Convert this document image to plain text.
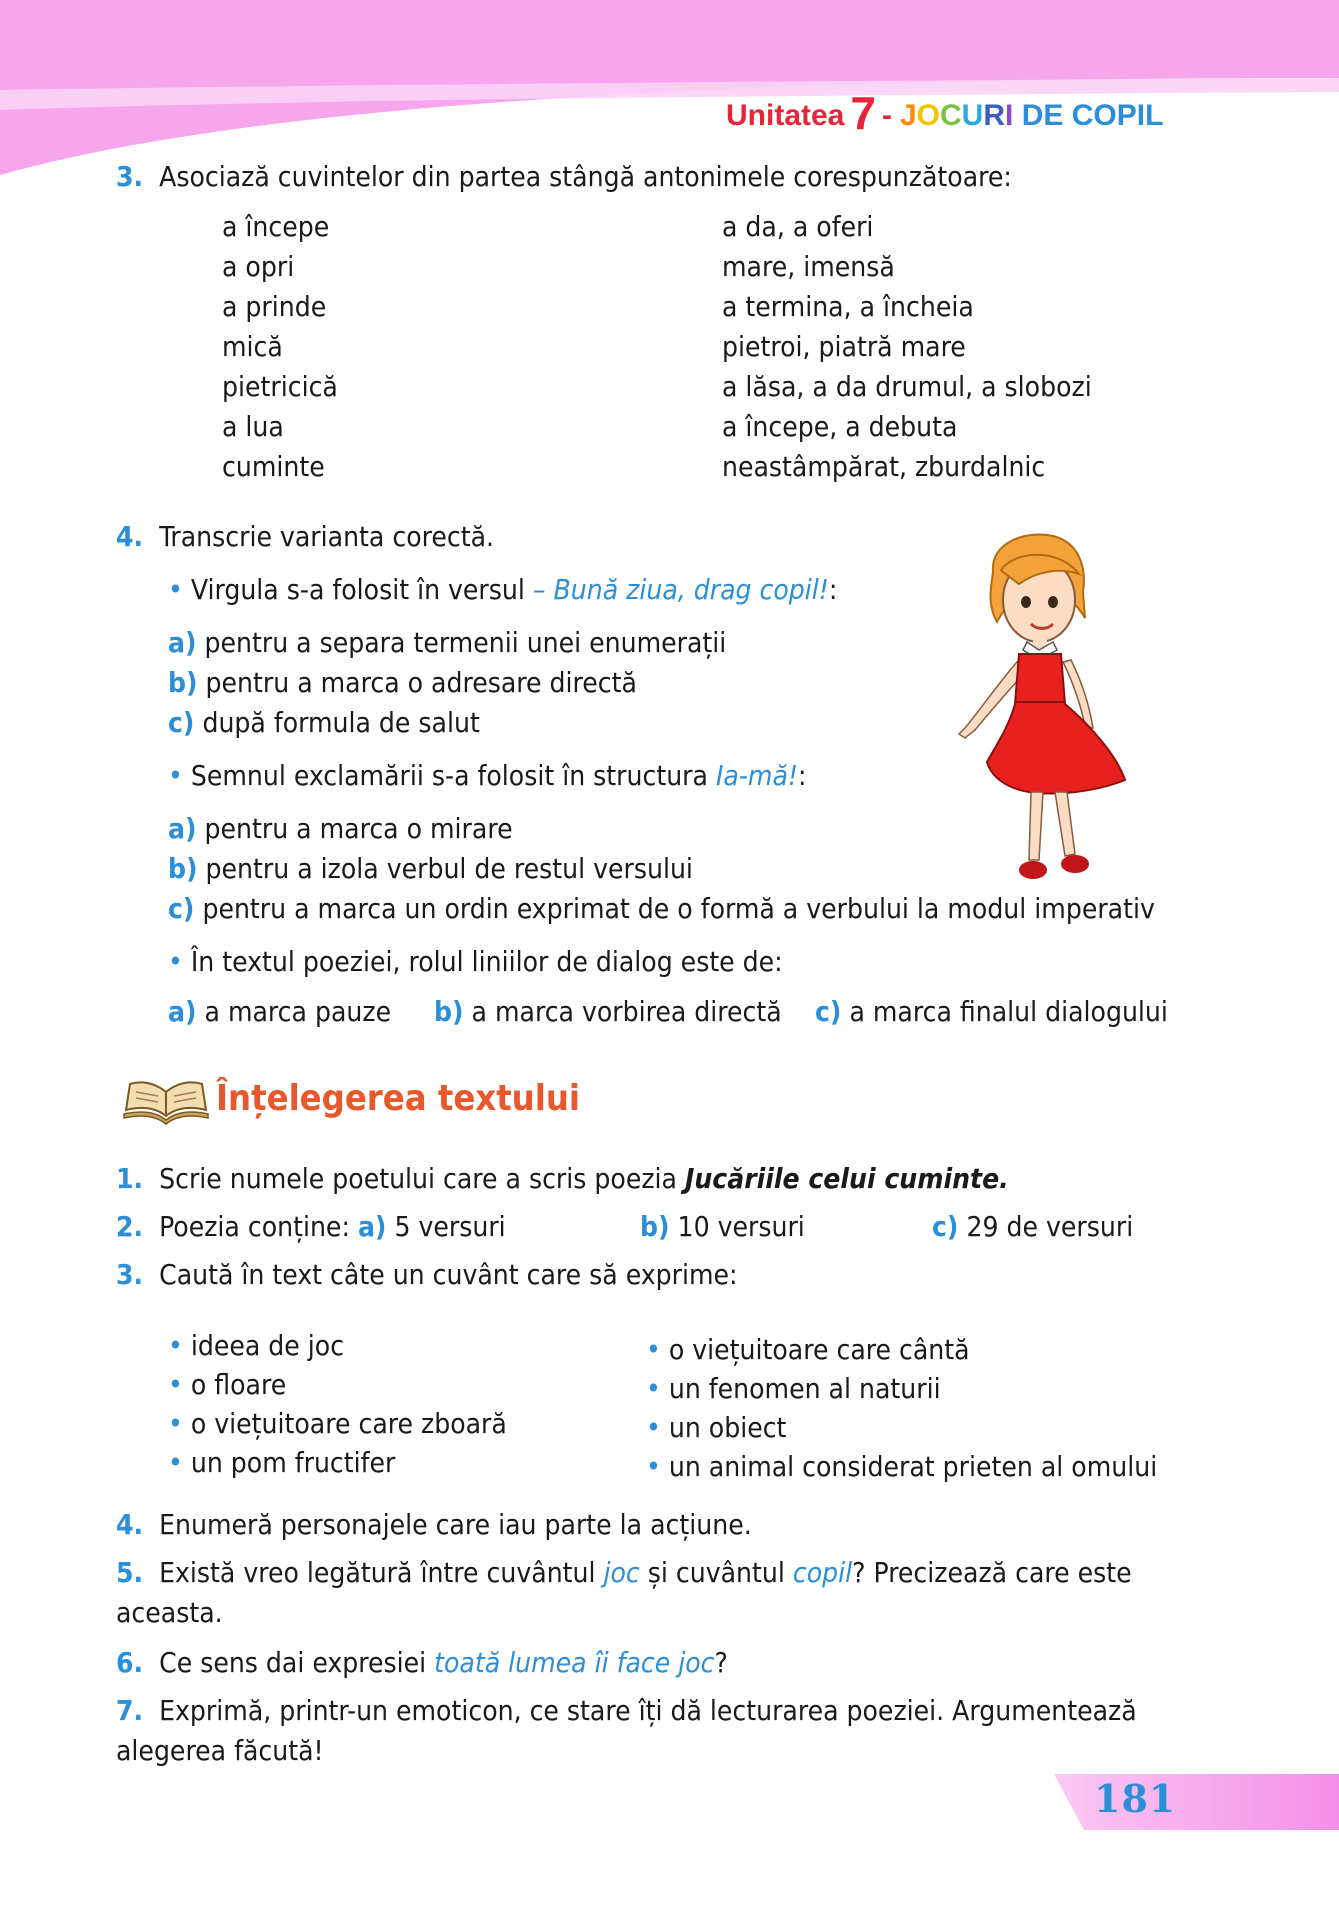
Unitatea 7 - JOCURI DE COPIL
3. Asociază cuvintelor din partea stângă antonimele corespunzătoare:
a începe
a opri
a prinde
mică
pietricică
a lua
cuminte
a da, a oferi
mare, imensă
a termina, a încheia
pietroi, piatră mare
a lăsa, a da drumul, a slobozi
a începe, a debuta
neastâmpărat, zburdalnic
4. Transcrie varianta corectă.
• Virgula s-a folosit în versul – Bună ziua, drag copil!:
a) pentru a separa termenii unei enumerații
b) pentru a marca o adresare directă
c) după formula de salut
• Semnul exclamării s-a folosit în structura Ia-mă!:
a) pentru a marca o mirare
b) pentru a izola verbul de restul versului
c) pentru a marca un ordin exprimat de o formă a verbului la modul imperativ
• În textul poeziei, rolul liniilor de dialog este de:
a) a marca pauze b) a marca vorbirea directă c) a marca finalul dialogului
Înțelegerea textului
1. Scrie numele poetului care a scris poezia Jucăriile celui cuminte.
2. Poezia conține: a) 5 versuri	b) 10 versuri	c) 29 de versuri
3. Caută în text câte un cuvânt care să exprime:
• ideea de joc
• o floare
• o viețuitoare care zboară
• un pom fructifer
• o viețuitoare care cântă
• un fenomen al naturii
• un obiect
• un animal considerat prieten al omului
4. Enumeră personajele care iau parte la acțiune.
5. Există vreo legătură între cuvântul joc și cuvântul copil? Precizează care este
aceasta.
6. Ce sens dai expresiei toată lumea îi face joc?
7. Exprimă, printr-un emoticon, ce stare îți dă lecturarea poeziei. Argumentează
alegerea făcută!
181
